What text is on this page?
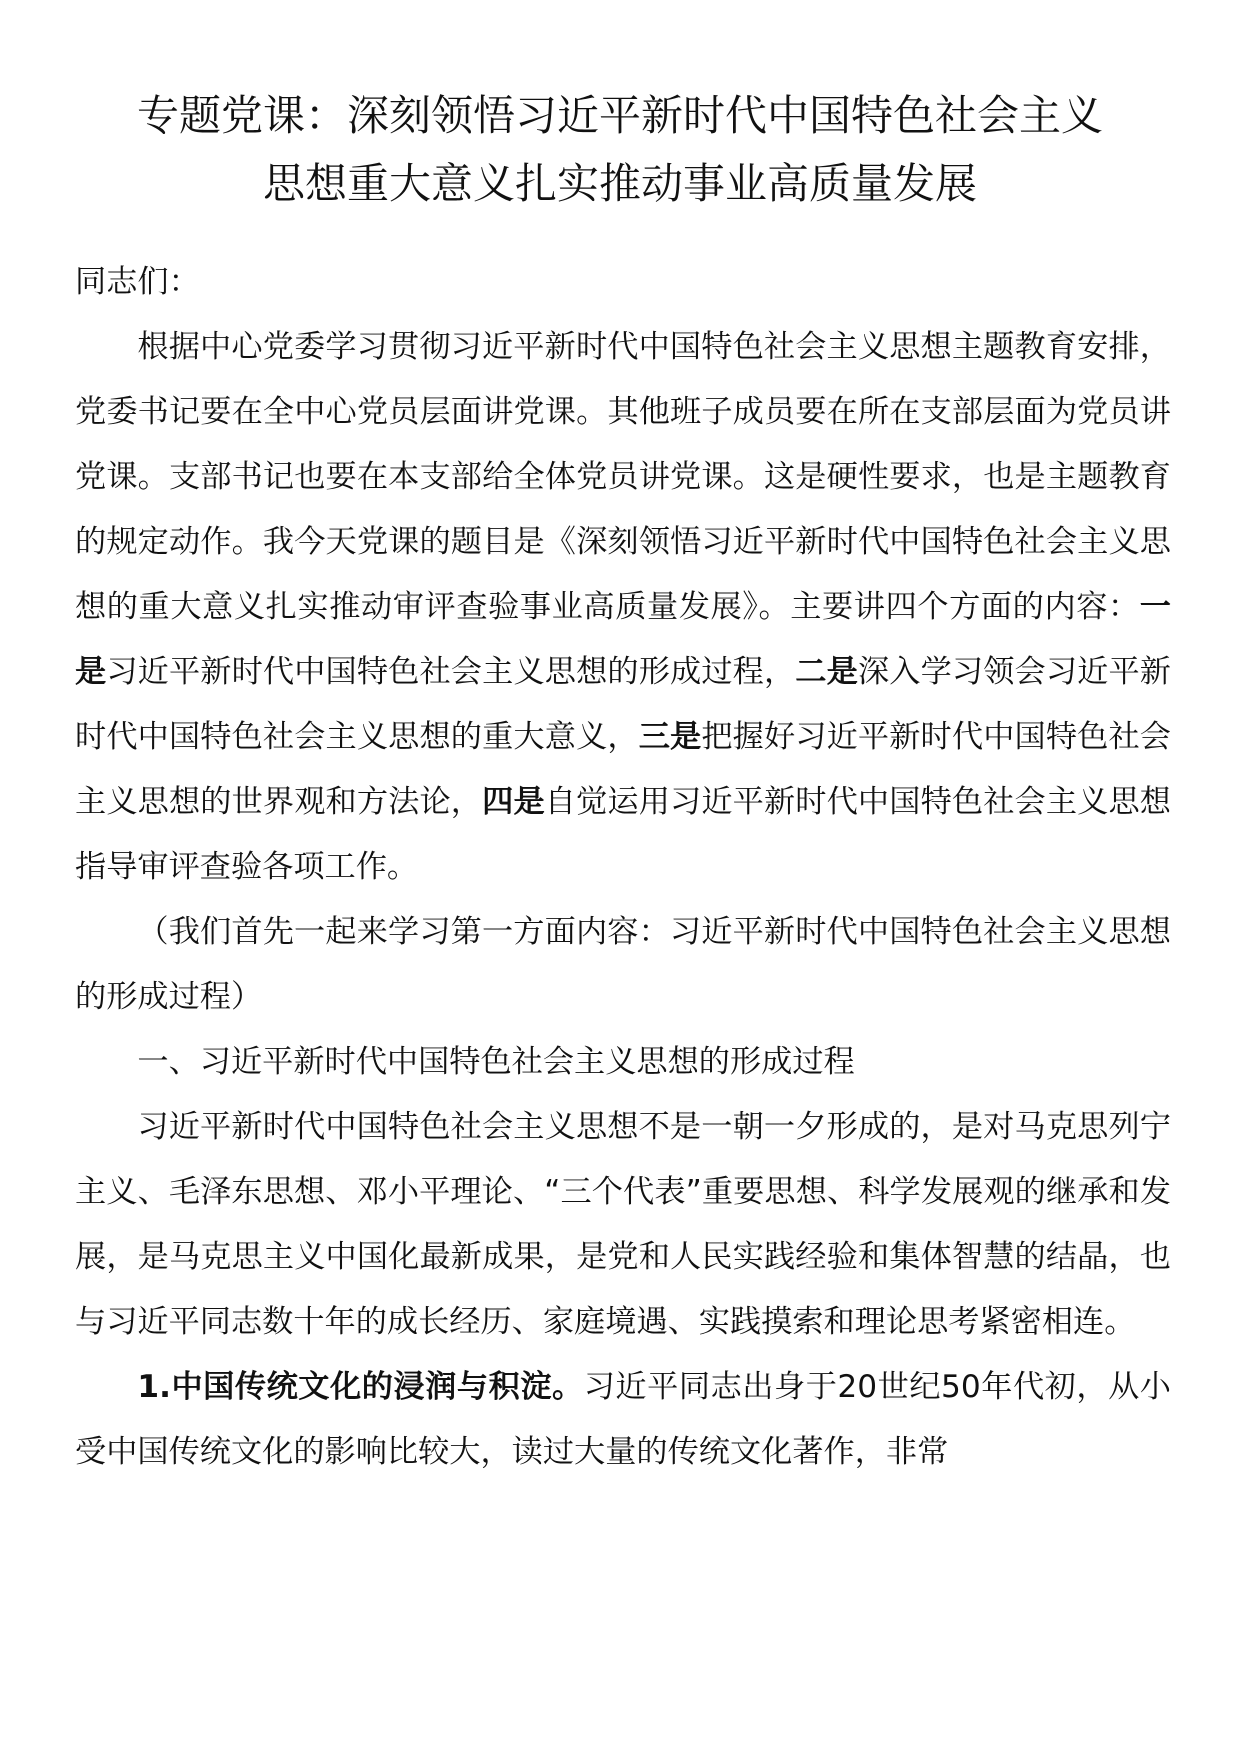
专题党课：深刻领悟习近平新时代中国特色社会主义
思想重大意义扎实推动事业高质量发展

同志们：

根据中心党委学习贯彻习近平新时代中国特色社会主义思想主题教育安排，党委书记要在全中心党员层面讲党课。其他班子成员要在所在支部层面为党员讲党课。支部书记也要在本支部给全体党员讲党课。这是硬性要求，也是主题教育的规定动作。我今天党课的题目是《深刻领悟习近平新时代中国特色社会主义思想的重大意义扎实推动审评查验事业高质量发展》。主要讲四个方面的内容：一是习近平新时代中国特色社会主义思想的形成过程，二是深入学习领会习近平新时代中国特色社会主义思想的重大意义，三是把握好习近平新时代中国特色社会主义思想的世界观和方法论，四是自觉运用习近平新时代中国特色社会主义思想指导审评查验各项工作。

（我们首先一起来学习第一方面内容：习近平新时代中国特色社会主义思想的形成过程）

一、习近平新时代中国特色社会主义思想的形成过程

习近平新时代中国特色社会主义思想不是一朝一夕形成的，是对马克思列宁主义、毛泽东思想、邓小平理论、“三个代表”重要思想、科学发展观的继承和发展，是马克思主义中国化最新成果，是党和人民实践经验和集体智慧的结晶，也与习近平同志数十年的成长经历、家庭境遇、实践摸索和理论思考紧密相连。

1.中国传统文化的浸润与积淀。习近平同志出身于20世纪50年代初，从小受中国传统文化的影响比较大，读过大量的传统文化著作，非常
